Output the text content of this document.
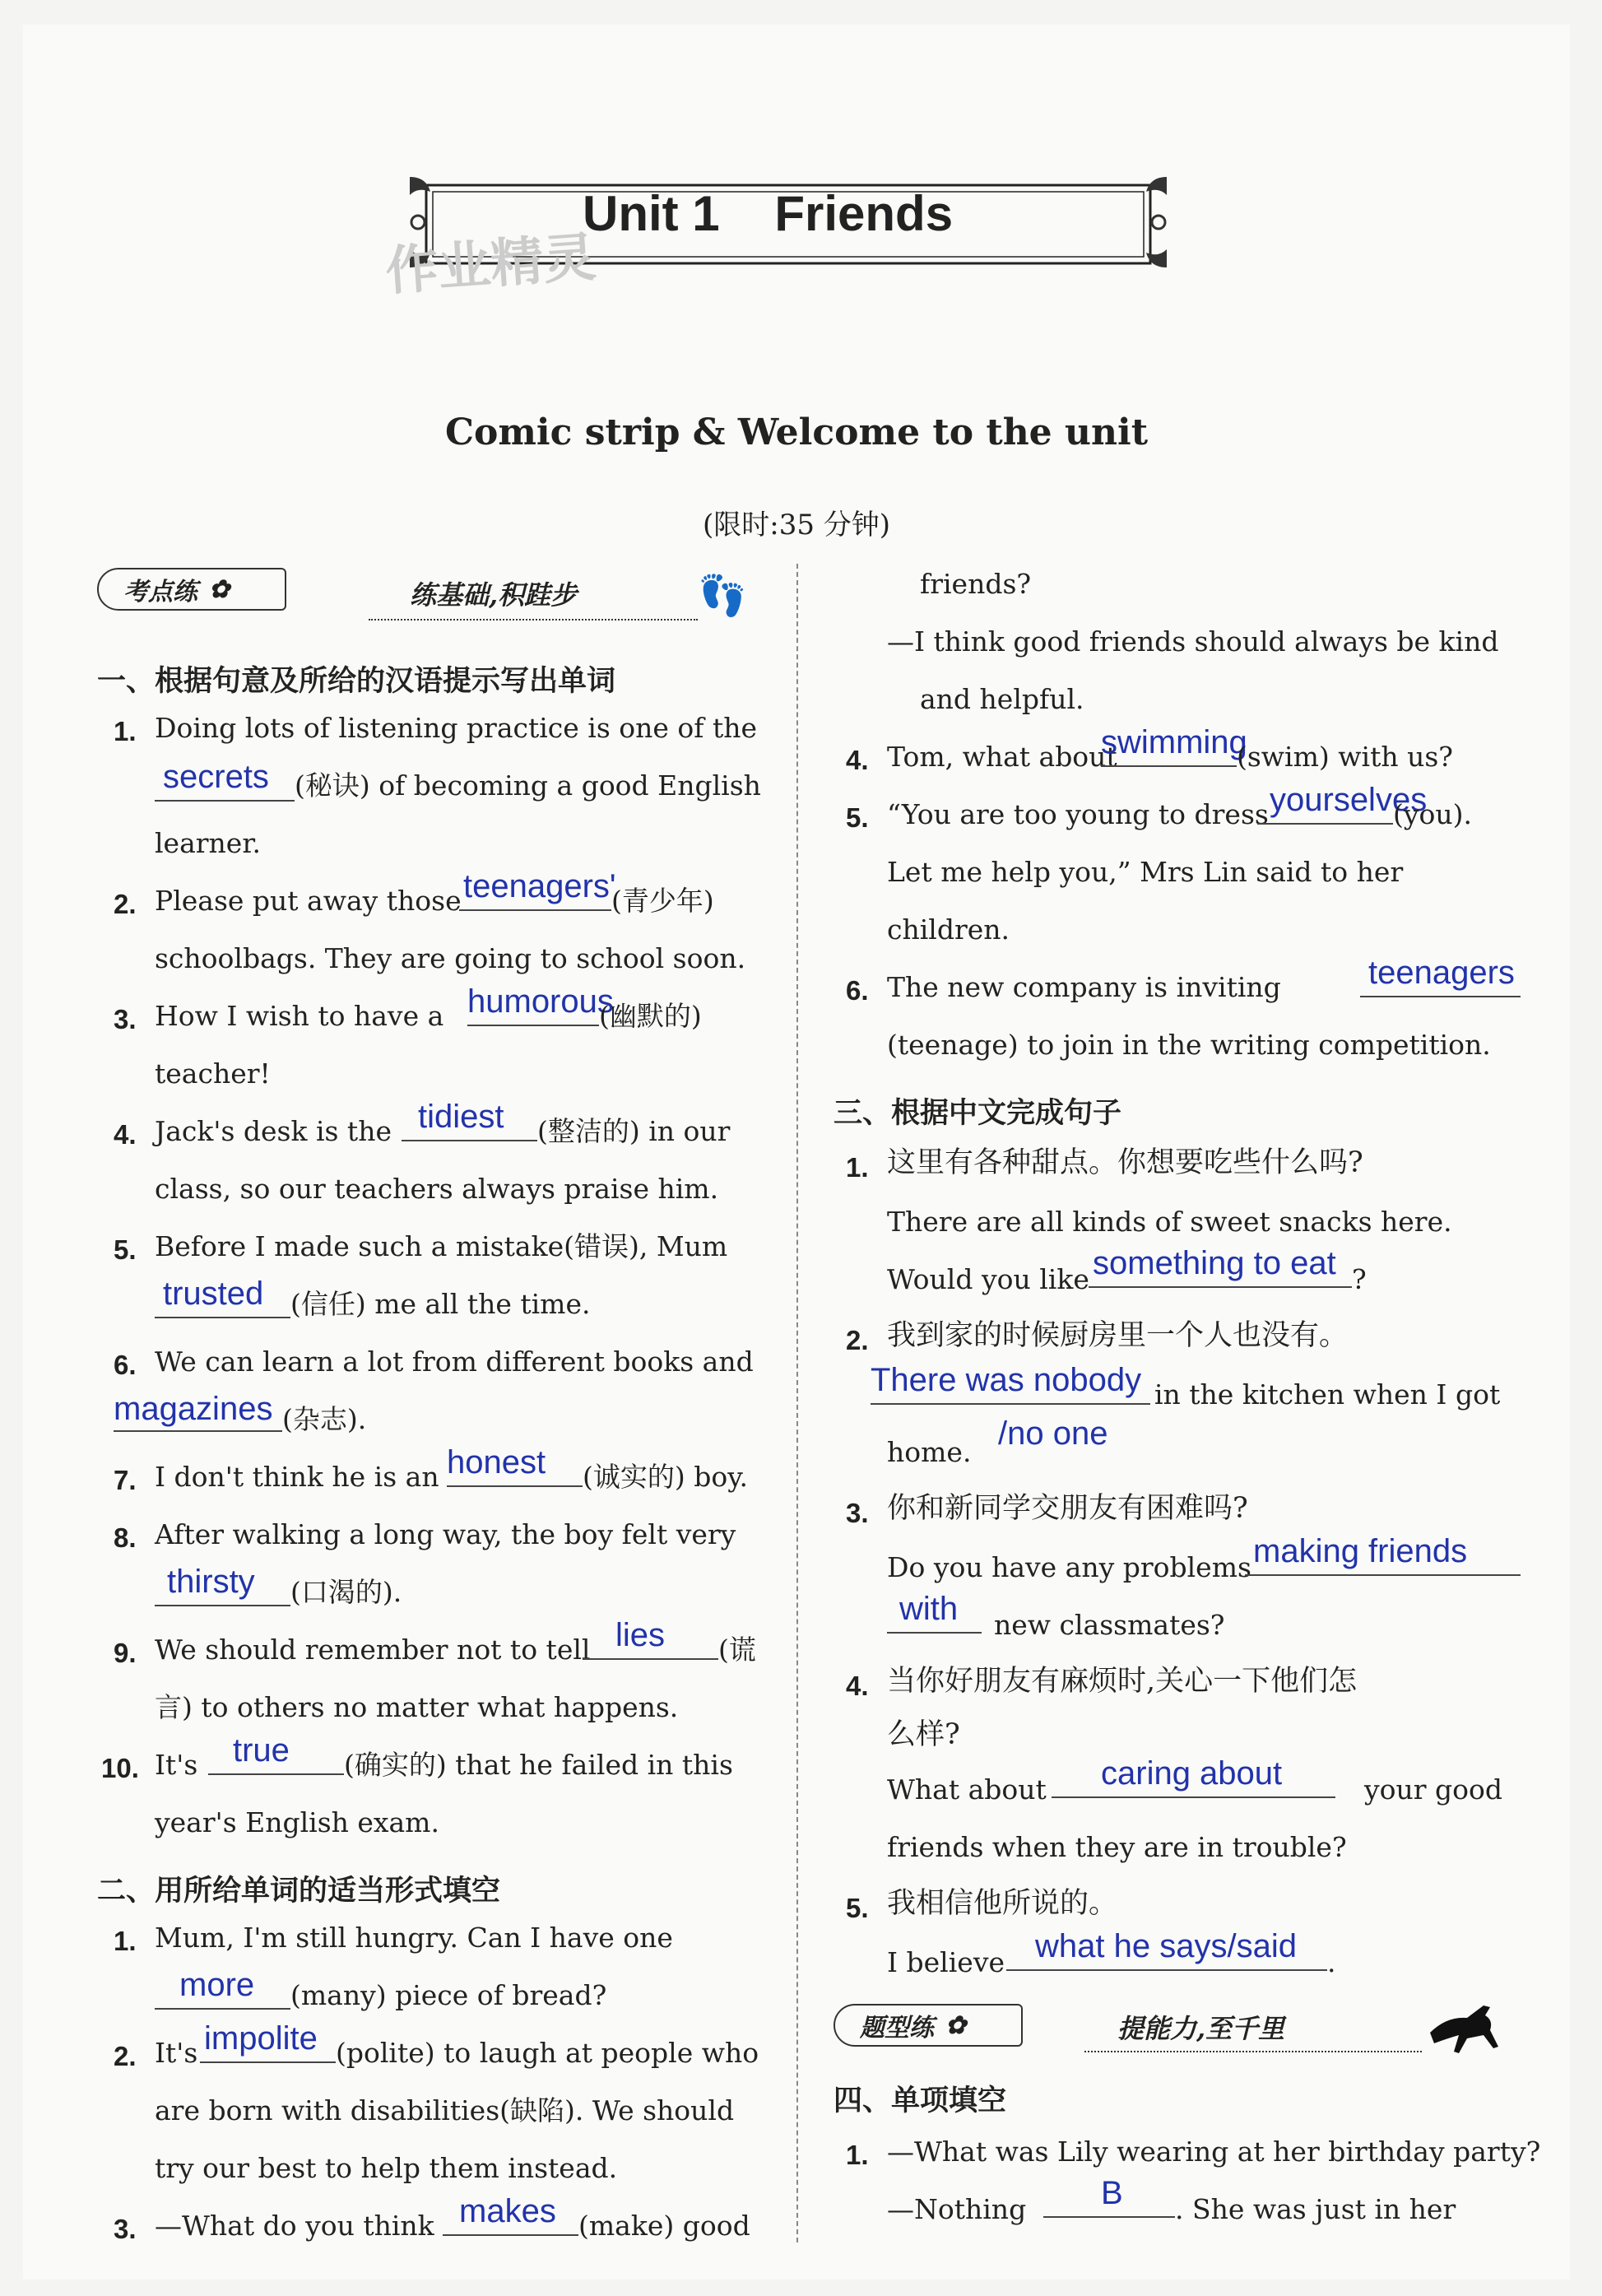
作业精灵
Unit 1    Friends
Comic strip & Welcome to the unit
(限时:35 分钟)
考点练 ✿	练基础,积跬步	👣
一、根据句意及所给的汉语提示写出单词
1. Doing lots of listening practice is one of the
secrets (秘诀) of becoming a good English
learner.
2. Please put away those teenagers'
(青少年)
schoolbags. They are going to school soon.
3. How I wish to have a humorous
(幽默的)
teacher!
4. Jack's desk is the tidiest (整洁的) in our
class, so our teachers always praise him.
5. Before I made such a mistake(错误), Mum
trusted (信任) me all the time.
6. We can learn a lot from different books and
magazines (杂志).
7. I don't think he is an honest (诚实的) boy.
8. After walking a long way, the boy felt very
thirsty (口渴的).
9. We should remember not to tell lies (谎
言) to others no matter what happens.
10. It's true (确实的) that he failed in this
year's English exam.
二、用所给单词的适当形式填空
1. Mum, I'm still hungry. Can I have one
more (many) piece of bread?
2. It's impolite (polite) to laugh at people who
are born with disabilities(缺陷). We should
try our best to help them instead.
3. —What do you think makes (make) good
friends?
—I think good friends should always be kind
and helpful.
4. Tom, what about
swimming
(swim) with us?
5. “You are too young to dress yourselves
(you).
Let me help you,” Mrs Lin said to her
children.
6. The new company is inviting	teenagers
(teenage) to join in the writing competition.
三、根据中文完成句子
1. 这里有各种甜点。你想要吃些什么吗?
There are all kinds of sweet snacks here.
Would you like something to eat ?
2. 我到家的时候厨房里一个人也没有。
There was nobody in the kitchen when I got
home.
/no one
3. 你和新同学交朋友有困难吗?
Do you have any problems making friends
with new classmates?
4. 当你好朋友有麻烦时,关心一下他们怎
么样?
What about caring about	your good
friends when they are in trouble?
5. 我相信他所说的。
I believe what he says/said .
题型练 ✿	提能力,至千里
四、单项填空
1. —What was Lily wearing at her birthday party?
—Nothing B . She was just in her
